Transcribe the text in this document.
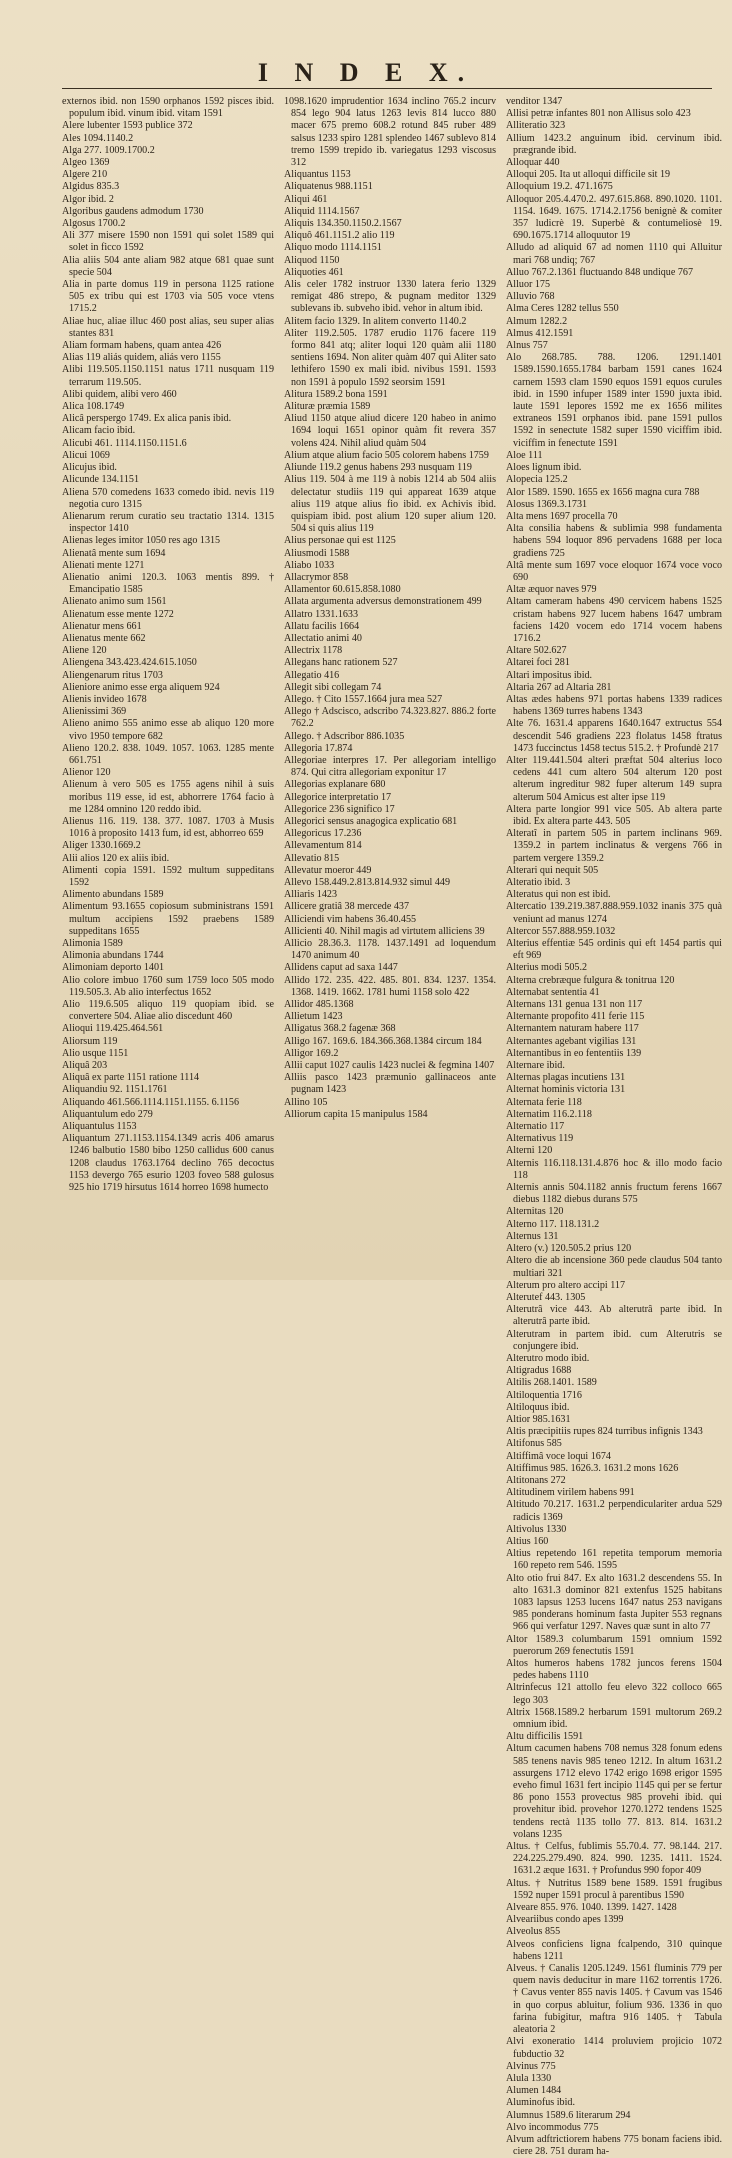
I N D E X.
externos ibid. non 1590 orphanos 1592 pisces ibid. populum ibid. vinum ibid. vitam 1591
Alere lubenter 1593 publice 372
Ales 1094.1140.2
Alga 277. 1009.1700.2
Algeo 1369
Algere 210
Algidus 835.3
Algor ibid. 2
Algoribus gaudens admodum 1730
Algosus 1700.2
Ali 377 misere 1590 non 1591 qui solet 1589 qui solet in ficco 1592
Alia aliis 504 ante aliam 982 atque 681 quae sunt specie 504
Alia in parte domus 119 in persona 1125 ratione 505 ex tribu qui est 1703 via 505 voce vtens 1715.2
Aliae huc, aliae illuc 460 post alias, seu super alias stantes 831
Aliam formam habens, quam antea 426
Alias 119 aliás quidem, aliás vero 1155
Alibi 119.505.1150.1151 natus 1711 nusquam 119 terrarum 119.505.
Alibi quidem, alibi vero 460
Alica 108.1749
Alicâ perspergo 1749. Ex alica panis ibid.
Alicam facio ibid.
Alicubi 461. 1114.1150.1151.6
Alicui 1069
Alicujus ibid.
Alicunde 134.1151
Aliena 570 comedens 1633 comedo ibid. nevis 119 negotia curo 1315
Alienarum rerum curatio seu tractatio 1314. 1315 inspector 1410
Alienas leges imitor 1050 res ago 1315
Alienatâ mente sum 1694
Alienati mente 1271
Alienatio animi 120.3. 1063 mentis 899. † Emancipatio 1585
Alienato animo sum 1561
Alienatum esse mente 1272
Alienatur mens 661
Alienatus mente 662
Aliene 120
Aliengena 343.423.424.615.1050
Aliengenarum ritus 1703
Alieniore animo esse erga aliquem 924
Alienis invideo 1678
Alienissimi 369
Alieno animo 555 animo esse ab aliquo 120 more vivo 1950 tempore 682
Alieno 120.2. 838. 1049. 1057. 1063. 1285 mente 661.751
Alienor 120
Alienum à vero 505 es 1755 agens nihil à suis moribus 119 esse, id est, abhorrere 1764 facio à me 1284 omnino 120 reddo ibid.
Alienus 116. 119. 138. 377. 1087. 1703 à Musis 1016 à proposito 1413 fum, id est, abhorreo 659
Aliger 1330.1669.2
Alii alios 120 ex aliis ibid.
Alimenti copia 1591. 1592 multum suppeditans 1592
Alimento abundans 1589
Alimentum 93.1655 copiosum subministrans 1591 multum accipiens 1592 praebens 1589 suppeditans 1655
Alimonia 1589
Alimonia abundans 1744
Alimoniam deporto 1401
Alio colore imbuo 1760 sum 1759 loco 505 modo 119.505.3. Ab alio interfectus 1652
Alio 119.6.505 aliquo 119 quopiam ibid. se convertere 504. Aliae alio discedunt 460
Alioqui 119.425.464.561
Aliorsum 119
Alio usque 1151
Aliquâ 203
Aliquâ ex parte 1151 ratione 1114
Aliquandiu 92. 1151.1761
Aliquando 461.566.1114.1151.1155. 6.1156
Aliquantulum edo 279
Aliquantulus 1153
Aliquantum 271.1153.1154.1349 acris 406 amarus 1246 balbutio 1580 bibo 1250 callidus 600 canus 1208 claudus 1763.1764 declino 765 decoctus 1153 devergo 765 esurio 1203 foveo 588 gulosus 925 hio 1719 hirsutus 1614 horreo 1698 humecto
1098.1620 imprudentior 1634 inclino 765.2 incurv 854 lego 904 latus 1263 levis 814 lucco 880 macer 675 premo 608.2 rotund 845 ruber 489 salsus 1233 spiro 1281 splendeo 1467 sublevo 814 tremo 1599 trepido ib. variegatus 1293 viscosus 312
Aliquantus 1153
Aliquatenus 988.1151
Aliqui 461
Aliquid 1114.1567
Aliquis 134.350.1150.2.1567
Aliquô 461.1151.2 alio 119
Aliquo modo 1114.1151
Aliquod 1150
Aliquoties 461
Alis celer 1782 instruor 1330 latera ferio 1329 remigat 486 strepo, & pugnam meditor 1329 sublevans ib. subveho ibid. vehor in altum ibid.
Alitem facio 1329. In alitem converto 1140.2
Aliter 119.2.505. 1787 erudio 1176 facere 119 formo 841 atq; aliter loqui 120 quàm alii 1180 sentiens 1694. Non aliter quàm 407 qui Aliter sato lethifero 1590 ex mali ibid. nivibus 1591. 1593 non 1591 à populo 1592 seorsim 1591
Alitura 1589.2 bona 1591
Alituræ præmia 1589
Aliud 1150 atque aliud dicere 120 habeo in animo 1694 loqui 1651 opinor quàm fit revera 357 volens 424. Nihil aliud quàm 504
Alium atque alium facio 505 colorem habens 1759
Aliunde 119.2 genus habens 293 nusquam 119
Alius 119. 504 à me 119 à nobis 1214 ab 504 aliis delectatur studiis 119 qui appareat 1639 atque alius 119 atque alius fio ibid. ex Achivis ibid. quispiam ibid. post alium 120 super alium 120. 504 si quis alius 119
Alius personae qui est 1125
Aliusmodi 1588
Aliabo 1033
Allacrymor 858
Allamentor 60.615.858.1080
Allata argumenta adversus demonstrationem 499
Allatro 1331.1633
Allatu facilis 1664
Allectatio animi 40
Allectrix 1178
Allegans hanc rationem 527
Allegatio 416
Allegit sibi collegam 74
Allego. † Cito 1557.1664 jura mea 527
Allego † Adscisco, adscribo 74.323.827. 886.2 forte 762.2
Allego. † Adscribor 886.1035
Allegoria 17.874
Allegoriae interpres 17. Per allegoriam intelligo 874. Qui citra allegoriam exponitur 17
Allegorias explanare 680
Allegorice interpretatio 17
Allegorice 236 significo 17
Allegorici sensus anagogica explicatio 681
Allegoricus 17.236
Allevamentum 814
Allevatio 815
Allevatur moeror 449
Allevo 158.449.2.813.814.932 simul 449
Alliaris 1423
Allicere gratiâ 38 mercede 437
Alliciendi vim habens 36.40.455
Allicienti 40. Nihil magis ad virtutem alliciens 39
Allicio 28.36.3. 1178. 1437.1491 ad loquendum 1470 animum 40
Allidens caput ad saxa 1447
Allido 172. 235. 422. 485. 801. 834. 1237. 1354. 1368. 1419. 1662. 1781 humi 1158 solo 422
Allidor 485.1368
Allietum 1423
Alligatus 368.2 fagenæ 368
Alligo 167. 169.6. 184.366.368.1384 circum 184
Alligor 169.2
Allii caput 1027 caulis 1423 nuclei & fegmina 1407
Alliis pasco 1423 præmunio gallinaceos ante pugnam 1423
Allino 105
Alliorum capita 15 manipulus 1584
venditor 1347
Allisi petræ infantes 801 non Allisus solo 423
Alliteratio 323
Allium 1423.2 anguinum ibid. cervinum ibid. prægrande ibid.
Alloquar 440
Alloqui 205. Ita ut alloqui difficile sit 19
Alloquium 19.2. 471.1675
Alloquor 205.4.470.2. 497.615.868. 890.1020. 1101. 1154. 1649. 1675. 1714.2.1756 benignè & comiter 357 ludicrè 19. Superbè & contumeliosè 19. 690.1675.1714 alloquutor 19
Alludo ad aliquid 67 ad nomen 1110 qui Alluitur mari 768 undiq; 767
Alluo 767.2.1361 fluctuando 848 undique 767
Alluor 175
Alluvio 768
Alma Ceres 1282 tellus 550
Almum 1282.2
Almus 412.1591
Alnus 757
Alo 268.785. 788. 1206. 1291.1401 1589.1590.1655.1784 barbam 1591 canes 1624 carnem 1593 clam 1590 equos 1591 equos curules ibid. in 1590 infuper 1589 inter 1590 juxta ibid. laute 1591 lepores 1592 me ex 1656 milites extraneos 1591 orphanos ibid. pane 1591 pullos 1592 in senectute 1582 super 1590 viciffim ibid. viciffim in fenectute 1591
Aloe 111
Aloes lignum ibid.
Alopecia 125.2
Alor 1589. 1590. 1655 ex 1656 magna cura 788
Alosus 1369.3.1731
Alta mens 1697 procella 70
Alta consilia habens & sublimia 998 fundamenta habens 594 loquor 896 pervadens 1688 per loca gradiens 725
Altâ mente sum 1697 voce eloquor 1674 voce voco 690
Altæ æquor naves 979
Altam cameram habens 490 cervicem habens 1525 cristam habens 927 lucem habens 1647 umbram faciens 1420 vocem edo 1714 vocem habens 1716.2
Altare 502.627
Altarei foci 281
Altari impositus ibid.
Altaria 267 ad Altaria 281
Altas ædes habens 971 portas habens 1339 radices habens 1369 turres habens 1343
Alte 76. 1631.4 apparens 1640.1647 extructus 554 descendit 546 gradiens 223 flolatus 1458 ftratus 1473 fuccinctus 1458 tectus 515.2. † Profundè 217
Alter 119.441.504 alteri præftat 504 alterius loco cedens 441 cum altero 504 alterum 120 post alterum ingreditur 982 fuper alterum 149 supra alterum 504 Amicus est alter ipse 119
Altera parte longior 991 vice 505. Ab altera parte ibid. Ex altera parte 443. 505
Alteratî in partem 505 in partem inclinans 969. 1359.2 in partem inclinatus & vergens 766 in partem vergere 1359.2
Alterari qui nequit 505
Alteratio ibid. 3
Alteratus qui non est ibid.
Altercatio 139.219.387.888.959.1032 inanis 375 quà veniunt ad manus 1274
Altercor 557.888.959.1032
Alterius effentiæ 545 ordinis qui eft 1454 partis qui eft 969
Alterius modi 505.2
Alterna crebræque fulgura & tonitrua 120
Alternabat sententia 41
Alternans 131 genua 131 non 117
Alternante propofito 411 ferie 115
Alternantem naturam habere 117
Alternantes agebant vigilias 131
Alternantibus in eo fententiis 139
Alternare ibid.
Alternas plagas incutiens 131
Alternat hominis victoria 131
Alternata ferie 118
Alternatim 116.2.118
Alternatio 117
Alternativus 119
Alterni 120
Alternis 116.118.131.4.876 hoc & illo modo facio 118
Alternis annis 504.1182 annis fructum ferens 1667 diebus 1182 diebus durans 575
Alternitas 120
Alterno 117. 118.131.2
Alternus 131
Altero (v.) 120.505.2 prius 120
Altero die ab incensione 360 pede claudus 504 tanto multiari 321
Alterum pro altero accipi 117
Alterutef 443. 1305
Alterutrâ vice 443. Ab alterutrâ parte ibid. In alterutrâ parte ibid.
Alterutram in partem ibid. cum Alterutris se conjungere ibid.
Alterutro modo ibid.
Altigradus 1688
Altilis 268.1401. 1589
Altiloquentia 1716
Altiloquus ibid.
Altior 985.1631
Altis præcipitiis rupes 824 turribus infignis 1343
Altifonus 585
Altiffimâ voce loqui 1674
Altiffimus 985. 1626.3. 1631.2 mons 1626
Altitonans 272
Altitudinem virilem habens 991
Altitudo 70.217. 1631.2 perpendiculariter ardua 529 radicis 1369
Altivolus 1330
Altius 160
Altius repetendo 161 repetita temporum memoria 160 repeto rem 546. 1595
Alto otio frui 847. Ex alto 1631.2 descendens 55. In alto 1631.3 dominor 821 extenfus 1525 habitans 1083 lapsus 1253 lucens 1647 natus 253 navigans 985 ponderans hominum fasta Jupiter 553 regnans 966 qui verfatur 1297. Naves quæ sunt in alto 77
Altor 1589.3 columbarum 1591 omnium 1592 puerorum 269 fenectutis 1591
Altos humeros habens 1782 juncos ferens 1504 pedes habens 1110
Altrinfecus 121 attollo feu elevo 322 colloco 665 lego 303
Altrix 1568.1589.2 herbarum 1591 multorum 269.2 omnium ibid.
Altu difficilis 1591
Altum cacumen habens 708 nemus 328 fonum edens 585 tenens navis 985 teneo 1212. In altum 1631.2 assurgens 1712 elevo 1742 erigo 1698 erigor 1595 eveho fimul 1631 fert incipio 1145 qui per se fertur 86 pono 1553 provectus 985 provehi ibid. qui provehitur ibid. provehor 1270.1272 tendens 1525 tendens rectà 1135 tollo 77. 813. 814. 1631.2 volans 1235
Altus. † Celfus, fublimis 55.70.4. 77. 98.144. 217. 224.225.279.490. 824. 990. 1235. 1411. 1524. 1631.2 æque 1631. † Profundus 990 fopor 409
Altus. † Nutritus 1589 bene 1589. 1591 frugibus 1592 nuper 1591 procul à parentibus 1590
Alveare 855. 976. 1040. 1399. 1427. 1428
Alveariibus condo apes 1399
Alveolus 855
Alveos conficiens ligna fcalpendo, 310 quinque habens 1211
Alveus. † Canalis 1205.1249. 1561 fluminis 779 per quem navis deducitur in mare 1162 torrentis 1726. † Cavus venter 855 navis 1405. † Cavum vas 1546 in quo corpus abluitur, folium 936. 1336 in quo farina fubigitur, maftra 916 1405. † Tabula aleatoria 2
Alvi exoneratio 1414 proluviem projicio 1072 fubductio 32
Alvinus 775
Alula 1330
Alumen 1484
Aluminofus ibid.
Alumnus 1589.6 literarum 294
Alvo incommodus 775
Alvum adftrictiorem habens 775 bonam faciens ibid. ciere 28. 751 duram ha-
